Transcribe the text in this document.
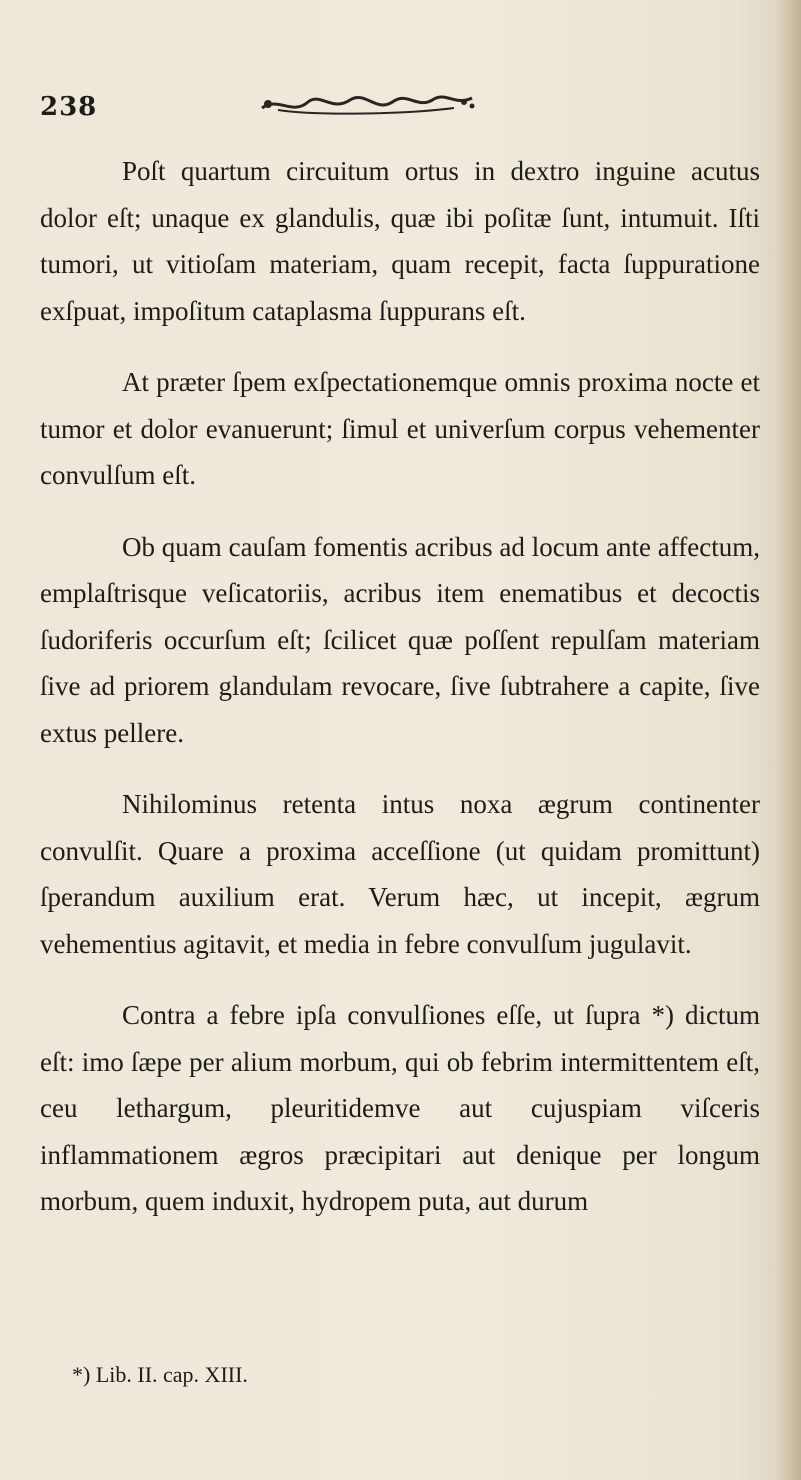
238

Poſt quartum circuitum ortus in dextro inguine acutus dolor eſt; unaque ex glandulis, quæ ibi poſitæ ſunt, intumuit. Iſti tumori, ut vitioſam materiam, quam recepit, facta ſuppuratione exſpuat, impoſitum cataplasma ſuppurans eſt.

At præter ſpem exſpectationemque omnis proxima nocte et tumor et dolor evanuerunt; ſimul et univerſum corpus vehementer convulſum eſt.

Ob quam cauſam fomentis acribus ad locum ante affectum, emplaſtrisque veſicatoriis, acribus item enematibus et decoctis ſudoriferis occurſum eſt; ſcilicet quæ poſſent repulſam materiam ſive ad priorem glandulam revocare, ſive ſubtrahere a capite, ſive extus pellere.

Nihilominus retenta intus noxa ægrum continenter convulſit. Quare a proxima acceſſione (ut quidam promittunt) ſperandum auxilium erat. Verum hæc, ut incepit, ægrum vehementius agitavit, et media in febre convulſum jugulavit.

Contra a febre ipſa convulſiones eſſe, ut ſupra *) dictum eſt: imo ſæpe per alium morbum, qui ob febrim intermittentem eſt, ceu lethargum, pleuritidemve aut cujuspiam viſceris inflammationem ægros præcipitari aut denique per longum morbum, quem induxit, hydropem puta, aut durum

*) Lib. II. cap. XIII.
